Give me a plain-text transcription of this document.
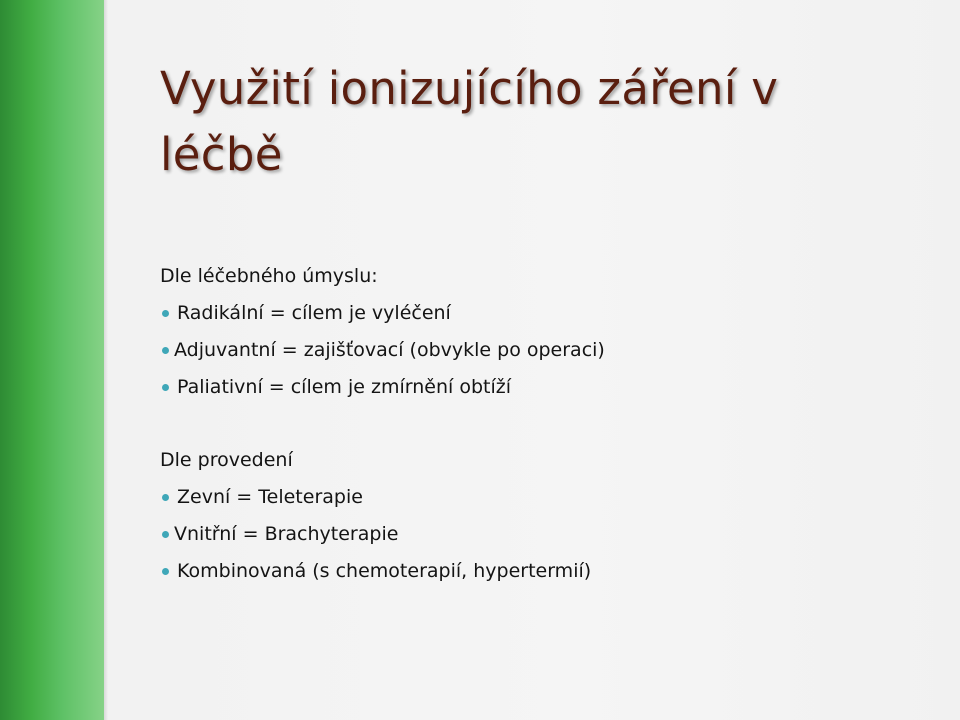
Využití ionizujícího záření v léčbě
Dle léčebného úmyslu:
Radikální = cílem je vyléčení
Adjuvantní = zajišťovací (obvykle po operaci)
Paliativní = cílem je zmírnění obtíží
Dle provedení
Zevní = Teleterapie
Vnitřní = Brachyterapie
Kombinovaná (s chemoterapií, hypertermií)
